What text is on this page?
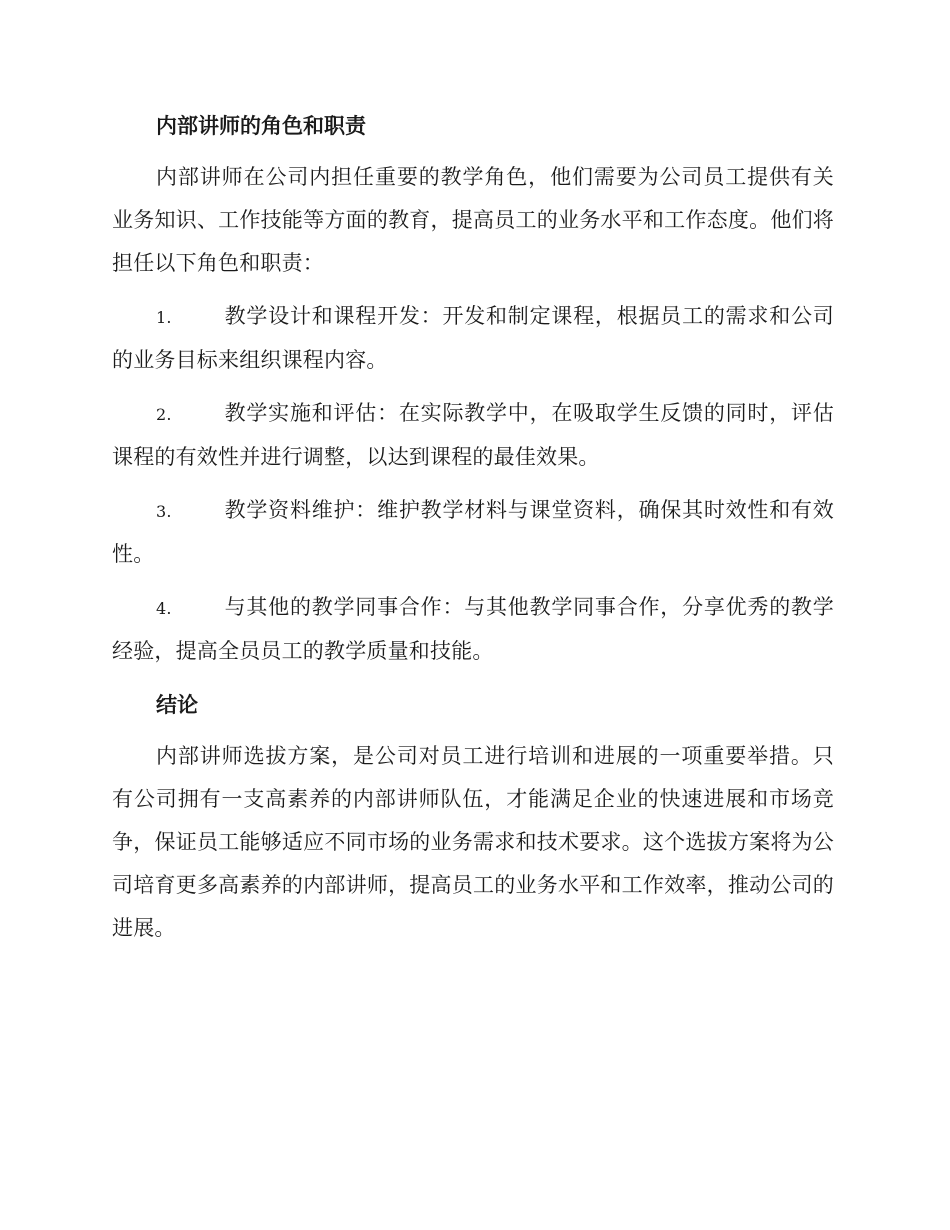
内部讲师的角色和职责

内部讲师在公司内担任重要的教学角色，他们需要为公司员工提供有关业务知识、工作技能等方面的教育，提高员工的业务水平和工作态度。他们将担任以下角色和职责：

1. 教学设计和课程开发：开发和制定课程，根据员工的需求和公司的业务目标来组织课程内容。

2. 教学实施和评估：在实际教学中，在吸取学生反馈的同时，评估课程的有效性并进行调整，以达到课程的最佳效果。

3. 教学资料维护：维护教学材料与课堂资料，确保其时效性和有效性。

4. 与其他的教学同事合作：与其他教学同事合作，分享优秀的教学经验，提高全员员工的教学质量和技能。

结论

内部讲师选拔方案，是公司对员工进行培训和进展的一项重要举措。只有公司拥有一支高素养的内部讲师队伍，才能满足企业的快速进展和市场竞争，保证员工能够适应不同市场的业务需求和技术要求。这个选拔方案将为公司培育更多高素养的内部讲师，提高员工的业务水平和工作效率，推动公司的进展。
